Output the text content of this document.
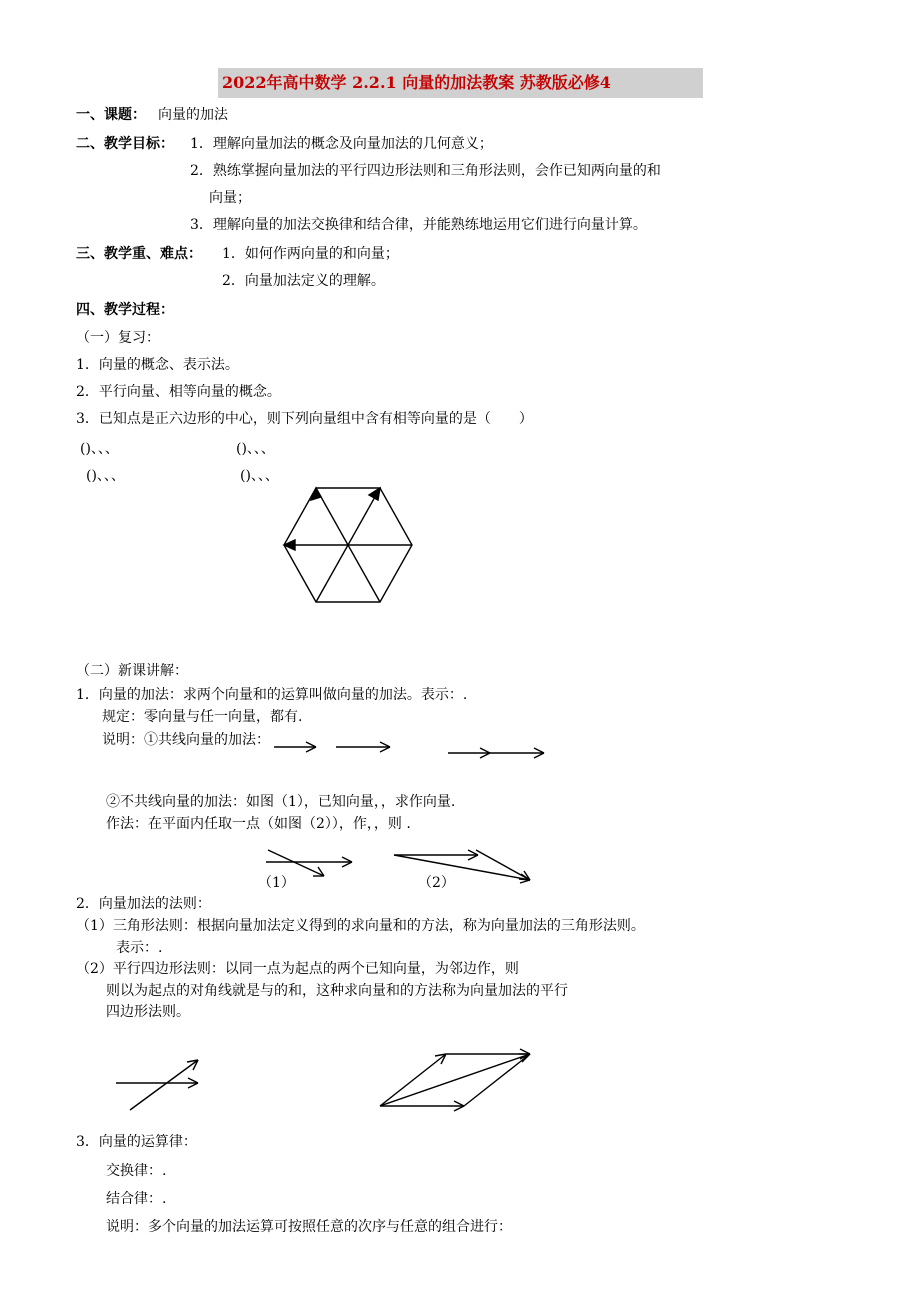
2022年高中数学 2.2.1 向量的加法教案 苏教版必修4
一、课题： 向量的加法
二、教学目标： 1．理解向量加法的概念及向量加法的几何意义；
2．熟练掌握向量加法的平行四边形法则和三角形法则，会作已知两向量的和
向量；
3．理解向量的加法交换律和结合律，并能熟练地运用它们进行向量计算。
三、教学重、难点： 1．如何作两向量的和向量；
2．向量加法定义的理解。
四、教学过程：
（一）复习：
1．向量的概念、表示法。
2．平行向量、相等向量的概念。
3．已知点是正六边形的中心，则下列向量组中含有相等向量的是（　　）
()、、、	()、、、
()、、、	()、、、
（二）新课讲解：
1．向量的加法：求两个向量和的运算叫做向量的加法。表示：.
规定：零向量与任一向量，都有.
说明：①共线向量的加法：
②不共线向量的加法：如图（1），已知向量，，求作向量.
作法：在平面内任取一点（如图（2）），作，，则 .
（1）	（2）
2．向量加法的法则：
（1）三角形法则：根据向量加法定义得到的求向量和的方法，称为向量加法的三角形法则。
表示：.
（2）平行四边形法则：以同一点为起点的两个已知向量，为邻边作，则
则以为起点的对角线就是与的和，这种求向量和的方法称为向量加法的平行
四边形法则。
3．向量的运算律：
交换律：.
结合律：.
说明：多个向量的加法运算可按照任意的次序与任意的组合进行：
